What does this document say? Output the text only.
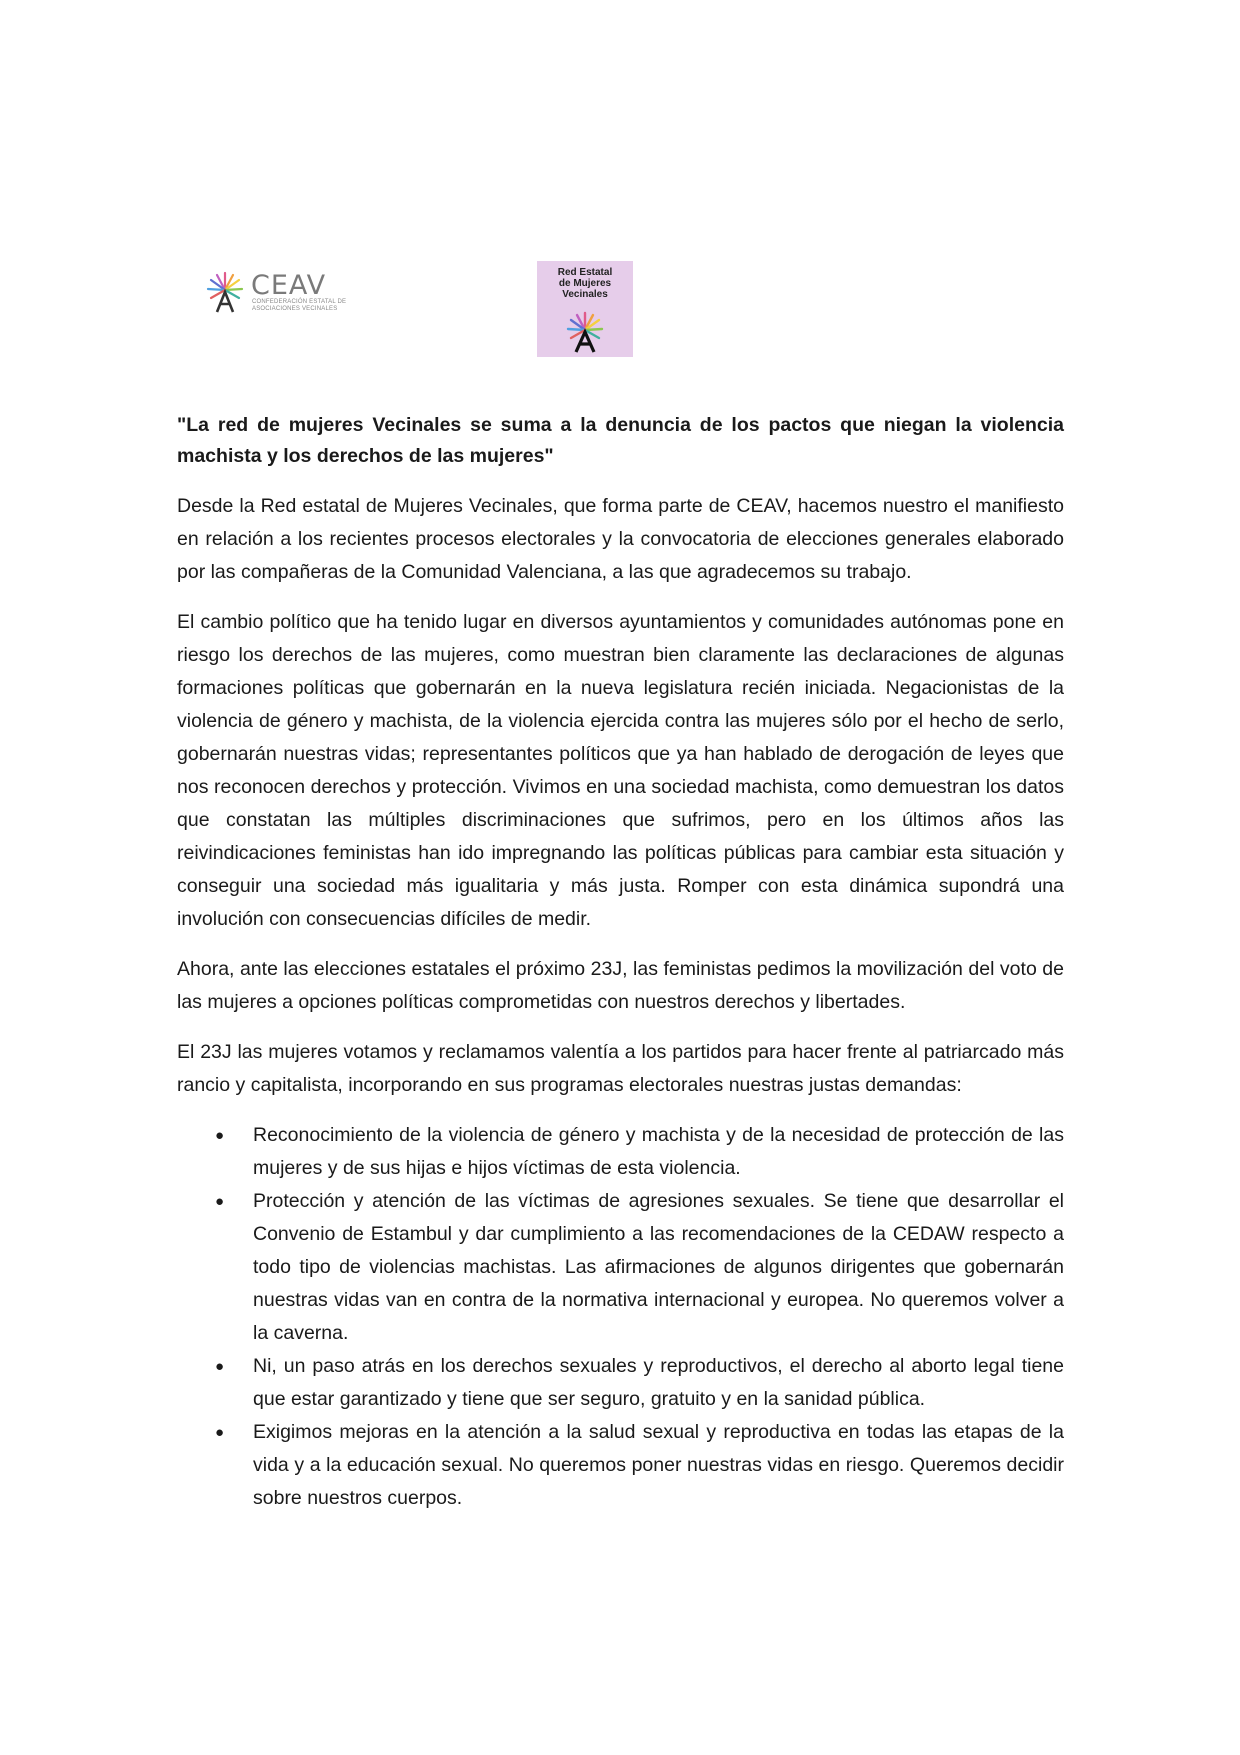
CEAV
CONFEDERACIÓN ESTATAL DE ASOCIACIONES VECINALES
Red Estatal
de Mujeres
Vecinales
"La red de mujeres Vecinales se suma a la denuncia de los pactos que niegan la violencia machista y los derechos de las mujeres"

Desde la Red estatal de Mujeres Vecinales, que forma parte de CEAV, hacemos nuestro el manifiesto en relación a los recientes procesos electorales y la convocatoria de elecciones generales elaborado por las compañeras de la Comunidad Valenciana, a las que agradecemos su trabajo.

El cambio político que ha tenido lugar en diversos ayuntamientos y comunidades autónomas pone en riesgo los derechos de las mujeres, como muestran bien claramente las declaraciones de algunas formaciones políticas que gobernarán en la nueva legislatura recién iniciada. Negacionistas de la violencia de género y machista, de la violencia ejercida contra las mujeres sólo por el hecho de serlo, gobernarán nuestras vidas; representantes políticos que ya han hablado de derogación de leyes que nos reconocen derechos y protección. Vivimos en una sociedad machista, como demuestran los datos que constatan las múltiples discriminaciones que sufrimos, pero en los últimos años las reivindicaciones feministas han ido impregnando las políticas públicas para cambiar esta situación y conseguir una sociedad más igualitaria y más justa. Romper con esta dinámica supondrá una involución con consecuencias difíciles de medir.

Ahora, ante las elecciones estatales el próximo 23J, las feministas pedimos la movilización del voto de las mujeres a opciones políticas comprometidas con nuestros derechos y libertades.

El 23J las mujeres votamos y reclamamos valentía a los partidos para hacer frente al patriarcado más rancio y capitalista, incorporando en sus programas electorales nuestras justas demandas:

● Reconocimiento de la violencia de género y machista y de la necesidad de protección de las mujeres y de sus hijas e hijos víctimas de esta violencia.
● Protección y atención de las víctimas de agresiones sexuales. Se tiene que desarrollar el Convenio de Estambul y dar cumplimiento a las recomendaciones de la CEDAW respecto a todo tipo de violencias machistas. Las afirmaciones de algunos dirigentes que gobernarán nuestras vidas van en contra de la normativa internacional y europea. No queremos volver a la caverna.
● Ni, un paso atrás en los derechos sexuales y reproductivos, el derecho al aborto legal tiene que estar garantizado y tiene que ser seguro, gratuito y en la sanidad pública.
● Exigimos mejoras en la atención a la salud sexual y reproductiva en todas las etapas de la vida y a la educación sexual. No queremos poner nuestras vidas en riesgo. Queremos decidir sobre nuestros cuerpos.
